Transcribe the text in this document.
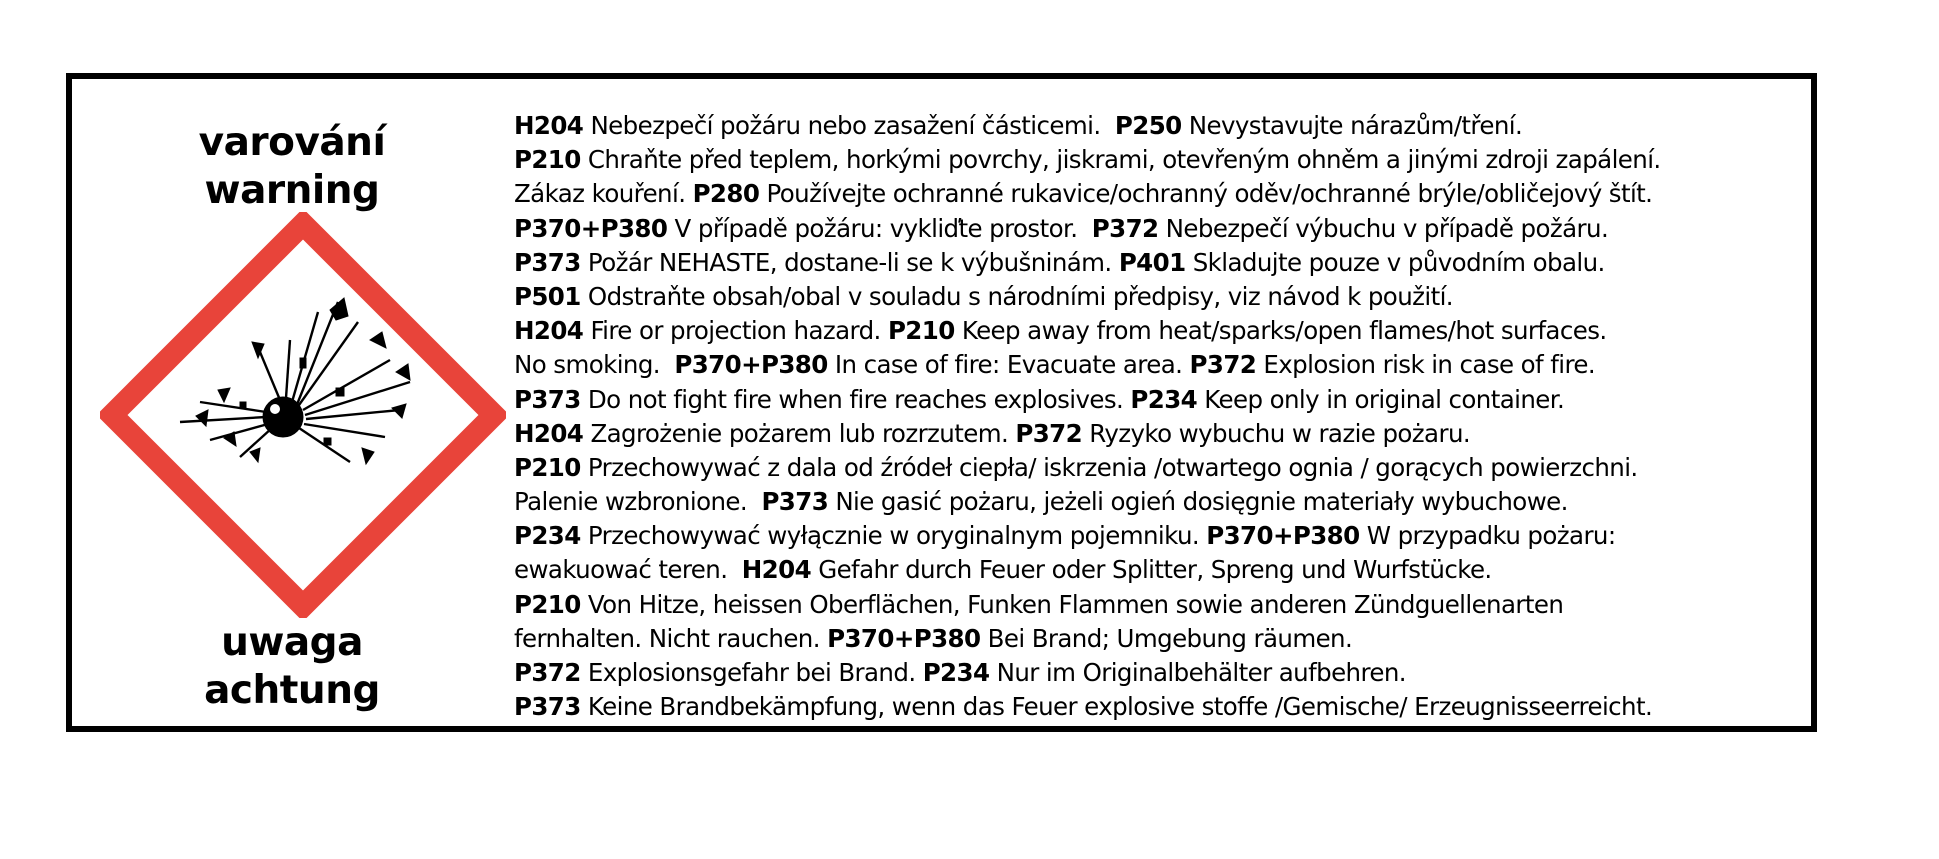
varování
warning
uwaga
achtung
H204 Nebezpečí požáru nebo zasažení částicemi.  P250 Nevystavujte nárazům/tření.
P210 Chraňte před teplem, horkými povrchy, jiskrami, otevřeným ohněm a jinými zdroji zapálení.
Zákaz kouření. P280 Používejte ochranné rukavice/ochranný oděv/ochranné brýle/obličejový štít.
P370+P380 V případě požáru: vykliďte prostor.  P372 Nebezpečí výbuchu v případě požáru.
P373 Požár NEHASTE, dostane-li se k výbušninám. P401 Skladujte pouze v původním obalu.
P501 Odstraňte obsah/obal v souladu s národními předpisy, viz návod k použití.
H204 Fire or projection hazard. P210 Keep away from heat/sparks/open flames/hot surfaces.
No smoking.  P370+P380 In case of fire: Evacuate area. P372 Explosion risk in case of fire.
P373 Do not fight fire when fire reaches explosives. P234 Keep only in original container.
H204 Zagrożenie pożarem lub rozrzutem. P372 Ryzyko wybuchu w razie pożaru.
P210 Przechowywać z dala od źródeł ciepła/ iskrzenia /otwartego ognia / gorących powierzchni.
Palenie wzbronione.  P373 Nie gasić pożaru, jeżeli ogień dosięgnie materiały wybuchowe.
P234 Przechowywać wyłącznie w oryginalnym pojemniku. P370+P380 W przypadku pożaru:
ewakuować teren.  H204 Gefahr durch Feuer oder Splitter, Spreng und Wurfstücke.
P210 Von Hitze, heissen Oberflächen, Funken Flammen sowie anderen Zündguellenarten
fernhalten. Nicht rauchen. P370+P380 Bei Brand; Umgebung räumen.
P372 Explosionsgefahr bei Brand. P234 Nur im Originalbehälter aufbehren.
P373 Keine Brandbekämpfung, wenn das Feuer explosive stoffe /Gemische/ Erzeugnisseerreicht.
